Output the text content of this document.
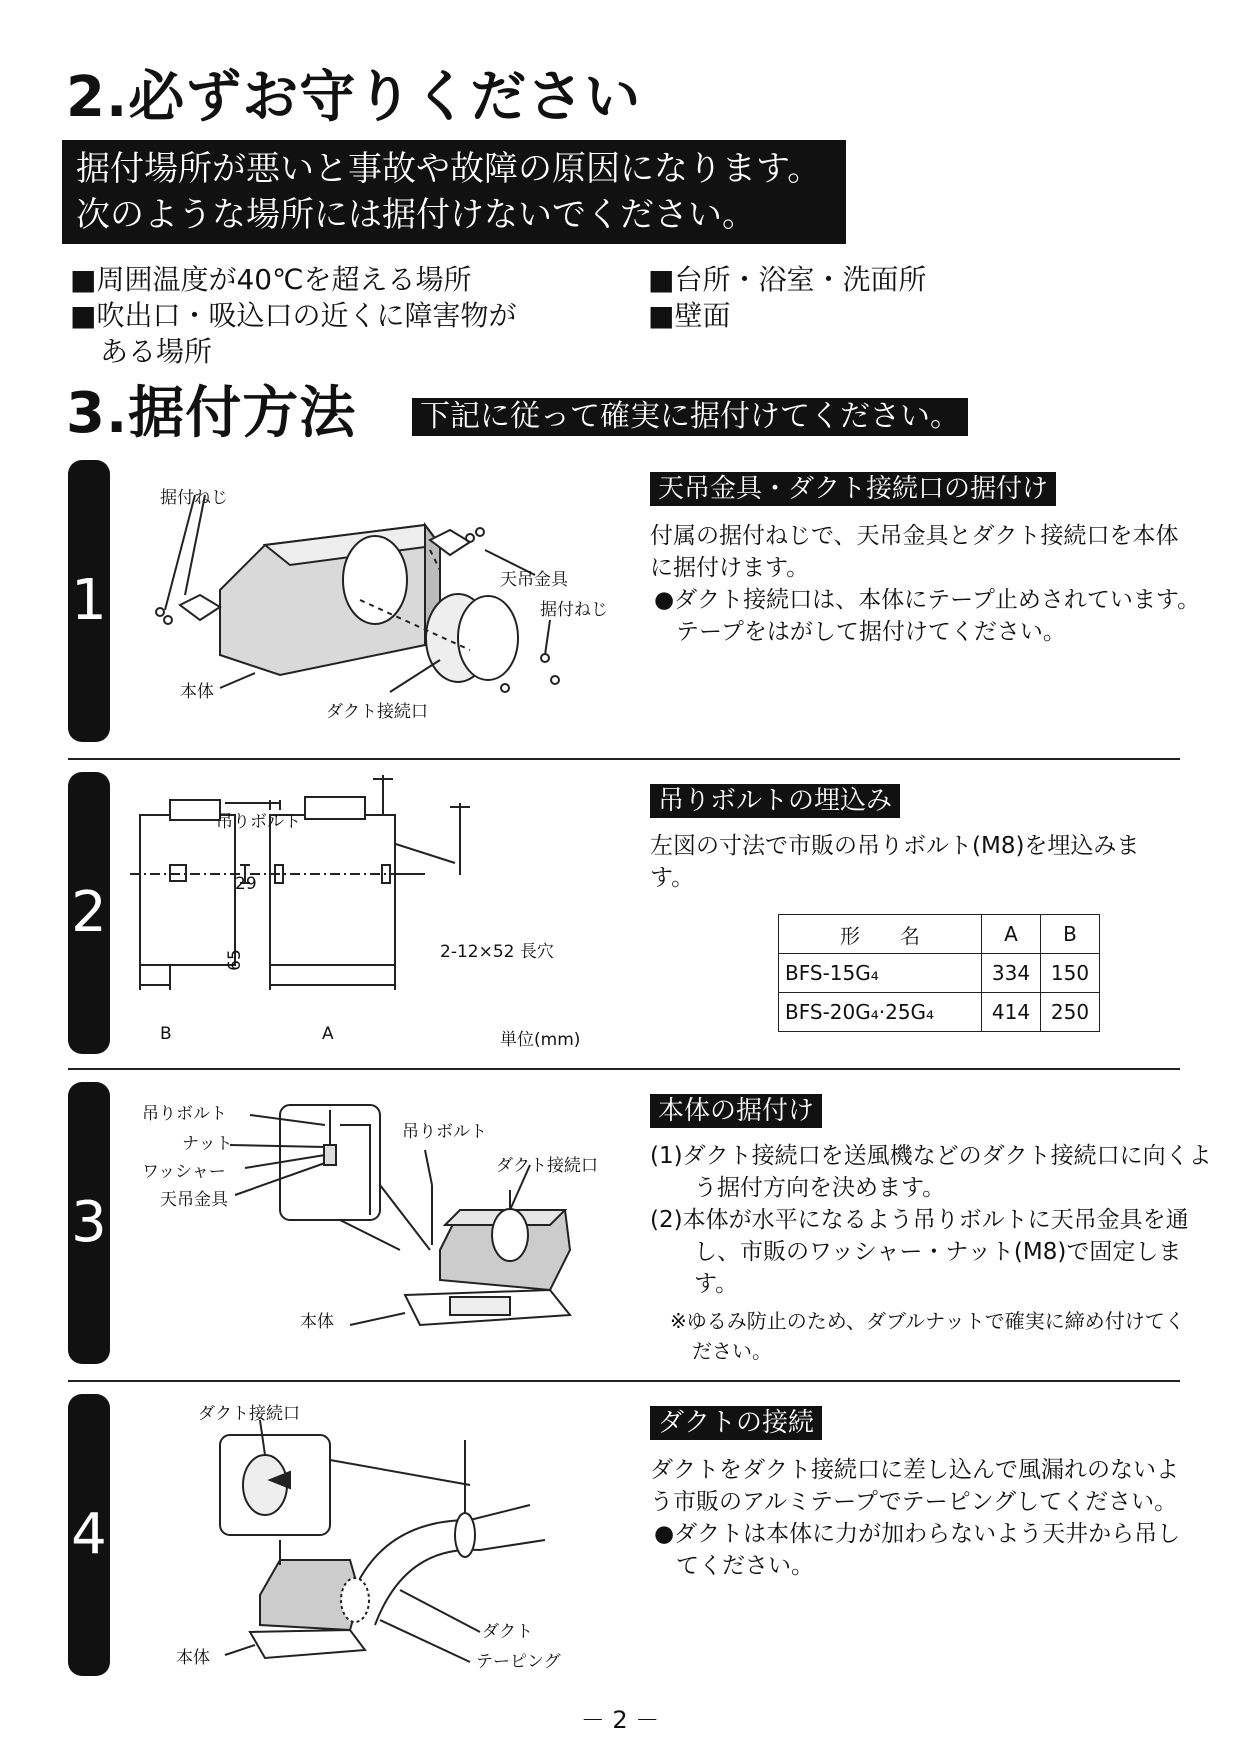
2.必ずお守りください
据付場所が悪いと事故や故障の原因になります。
次のような場所には据付けないでください。
■周囲温度が40℃を超える場所
■吹出口・吸込口の近くに障害物が
ある場所
■台所・浴室・洗面所
■壁面
3.据付方法 下記に従って確実に据付けてください。
1
据付ねじ
天吊金具
据付ねじ
本体
ダクト接続口
天吊金具・ダクト接続口の据付け
付属の据付ねじで、天吊金具とダクト接続口を本体に据付けます。
●ダクト接続口は、本体にテープ止めされています。テープをはがして据付けてください。
2
吊りボルト
29
65	2-12×52 長穴
B	A	単位(mm)
吊りボルトの埋込み
左図の寸法で市販の吊りボルト(M8)を埋込みます。
形　　名	A	B
BFS-15G₄	334	150
BFS-20G₄·25G₄	414	250
3
吊りボルト
ナット
ワッシャー
天吊金具
吊りボルト
ダクト接続口
本体
本体の据付け
(1)ダクト接続口を送風機などのダクト接続口に向くよう据付方向を決めます。
(2)本体が水平になるよう吊りボルトに天吊金具を通し、市販のワッシャー・ナット(M8)で固定します。
※ゆるみ防止のため、ダブルナットで確実に締め付けてください。
4
ダクト接続口
ダクト
本体	テーピング
ダクトの接続
ダクトをダクト接続口に差し込んで風漏れのないよう市販のアルミテープでテーピングしてください。
●ダクトは本体に力が加わらないよう天井から吊してください。
－ 2 －
